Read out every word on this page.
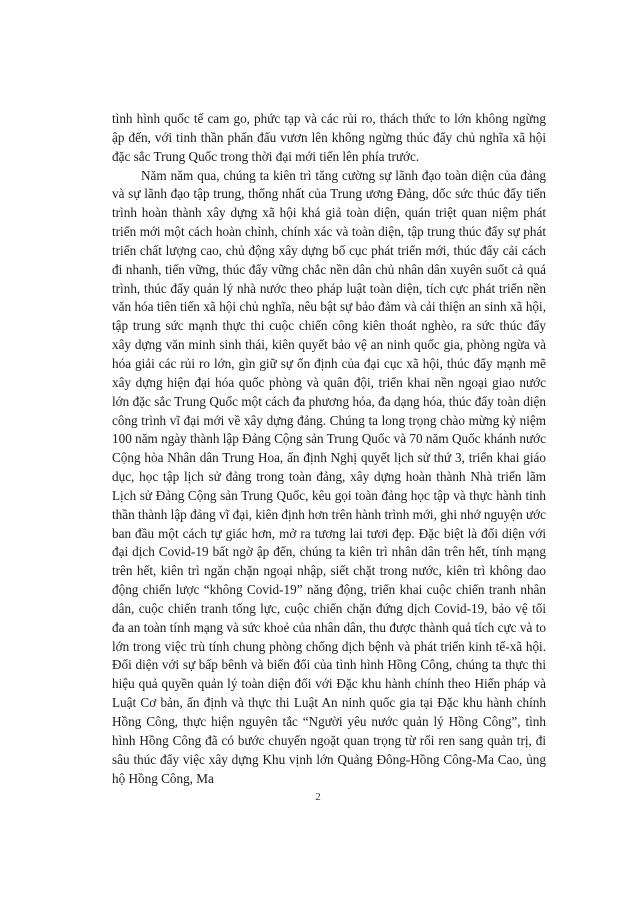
tình hình quốc tế cam go, phức tạp và các rủi ro, thách thức to lớn không ngừng ập đến, với tinh thần phấn đấu vươn lên không ngừng thúc đẩy chủ nghĩa xã hội đặc sắc Trung Quốc trong thời đại mới tiến lên phía trước.

Năm năm qua, chúng ta kiên trì tăng cường sự lãnh đạo toàn diện của đảng và sự lãnh đạo tập trung, thống nhất của Trung ương Đảng, dốc sức thúc đẩy tiến trình hoàn thành xây dựng xã hội khá giả toàn diện, quán triệt quan niệm phát triển mới một cách hoàn chỉnh, chính xác và toàn diện, tập trung thúc đẩy sự phát triển chất lượng cao, chủ động xây dựng bố cục phát triển mới, thúc đẩy cải cách đi nhanh, tiến vững, thúc đẩy vững chắc nền dân chủ nhân dân xuyên suốt cả quá trình, thúc đẩy quản lý nhà nước theo pháp luật toàn diện, tích cực phát triển nền văn hóa tiên tiến xã hội chủ nghĩa, nêu bật sự bảo đảm và cải thiện an sinh xã hội, tập trung sức mạnh thực thi cuộc chiến công kiên thoát nghèo, ra sức thúc đẩy xây dựng văn minh sinh thái, kiên quyết bảo vệ an ninh quốc gia, phòng ngừa và hóa giải các rủi ro lớn, gìn giữ sự ổn định của đại cục xã hội, thúc đẩy mạnh mẽ xây dựng hiện đại hóa quốc phòng và quân đội, triển khai nền ngoại giao nước lớn đặc sắc Trung Quốc một cách đa phương hóa, đa dạng hóa, thúc đẩy toàn diện công trình vĩ đại mới về xây dựng đảng. Chúng ta long trọng chào mừng kỷ niệm 100 năm ngày thành lập Đảng Cộng sản Trung Quốc và 70 năm Quốc khánh nước Cộng hòa Nhân dân Trung Hoa, ấn định Nghị quyết lịch sử thứ 3, triển khai giáo dục, học tập lịch sử đảng trong toàn đảng, xây dựng hoàn thành Nhà triển lãm Lịch sử Đảng Cộng sản Trung Quốc, kêu gọi toàn đảng học tập và thực hành tinh thần thành lập đảng vĩ đại, kiên định hơn trên hành trình mới, ghi nhớ nguyện ước ban đầu một cách tự giác hơn, mở ra tương lai tươi đẹp. Đặc biệt là đối diện với đại dịch Covid-19 bất ngờ ập đến, chúng ta kiên trì nhân dân trên hết, tính mạng trên hết, kiên trì ngăn chặn ngoại nhập, siết chặt trong nước, kiên trì không dao động chiến lược “không Covid-19” năng động, triển khai cuộc chiến tranh nhân dân, cuộc chiến tranh tổng lực, cuộc chiến chặn đứng dịch Covid-19, bảo vệ tối đa an toàn tính mạng và sức khoẻ của nhân dân, thu được thành quả tích cực và to lớn trong việc trù tính chung phòng chống dịch bệnh và phát triển kinh tế-xã hội. Đối diện với sự bấp bênh và biến đổi của tình hình Hồng Công, chúng ta thực thi hiệu quả quyền quản lý toàn diện đối với Đặc khu hành chính theo Hiến pháp và Luật Cơ bản, ấn định và thực thi Luật An ninh quốc gia tại Đặc khu hành chính Hồng Công, thực hiện nguyên tắc “Người yêu nước quản lý Hồng Công”, tình hình Hồng Công đã có bước chuyển ngoặt quan trọng từ rối ren sang quản trị, đi sâu thúc đẩy việc xây dựng Khu vịnh lớn Quảng Đông-Hồng Công-Ma Cao, ủng hộ Hồng Công, Ma

2
